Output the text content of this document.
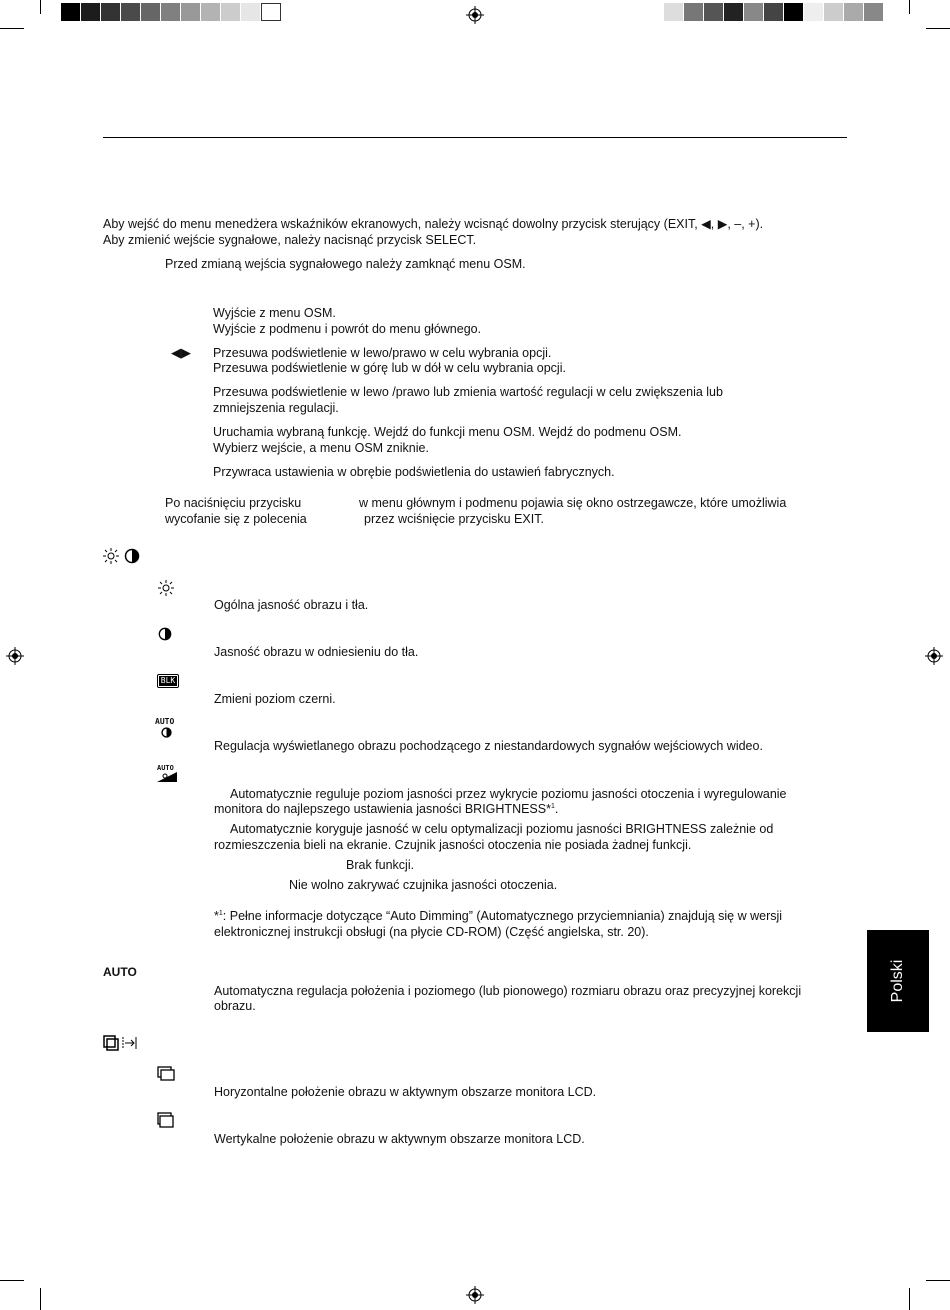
Aby wejść do menu menedżera wskaźników ekranowych, należy wcisnąć dowolny przycisk sterujący (EXIT, ◀, ▶, –, +).
Aby zmienić wejście sygnałowe, należy nacisnąć przycisk SELECT.
Przed zmianą wejścia sygnałowego należy zamknąć menu OSM.
Wyjście z menu OSM.
Wyjście z podmenu i powrót do menu głównego.
◀▶ Przesuwa podświetlenie w lewo/prawo w celu wybrania opcji.
Przesuwa podświetlenie w górę lub w dół w celu wybrania opcji.
Przesuwa podświetlenie w lewo /prawo lub zmienia wartość regulacji w celu zwiększenia lub
zmniejszenia regulacji.
Uruchamia wybraną funkcję. Wejdź do funkcji menu OSM. Wejdź do podmenu OSM.
Wybierz wejście, a menu OSM zniknie.
Przywraca ustawienia w obrębie podświetlenia do ustawień fabrycznych.
Po naciśnięciu przycisku	w menu głównym i podmenu pojawia się okno ostrzegawcze, które umożliwia
wycofanie się z polecenia	przez wciśnięcie przycisku EXIT.
Ogólna jasność obrazu i tła.
Jasność obrazu w odniesieniu do tła.
BLK
Zmieni poziom czerni.
AUTO
Regulacja wyświetlanego obrazu pochodzącego z niestandardowych sygnałów wejściowych wideo.
AUTO
Automatycznie reguluje poziom jasności przez wykrycie poziomu jasności otoczenia i wyregulowanie
monitora do najlepszego ustawienia jasności BRIGHTNESS*$^1$.
Automatycznie koryguje jasność w celu optymalizacji poziomu jasności BRIGHTNESS zależnie od
rozmieszczenia bieli na ekranie. Czujnik jasności otoczenia nie posiada żadnej funkcji.
Brak funkcji.
Nie wolno zakrywać czujnika jasności otoczenia.
*$^1$: Pełne informacje dotyczące “Auto Dimming” (Automatycznego przyciemniania) znajdują się w wersji
elektronicznej instrukcji obsługi (na płycie CD-ROM) (Część angielska, str. 20).
AUTO
Automatyczna regulacja położenia i poziomego (lub pionowego) rozmiaru obrazu oraz precyzyjnej korekcji
obrazu.
Horyzontalne położenie obrazu w aktywnym obszarze monitora LCD.
Wertykalne położenie obrazu w aktywnym obszarze monitora LCD.
Polski
